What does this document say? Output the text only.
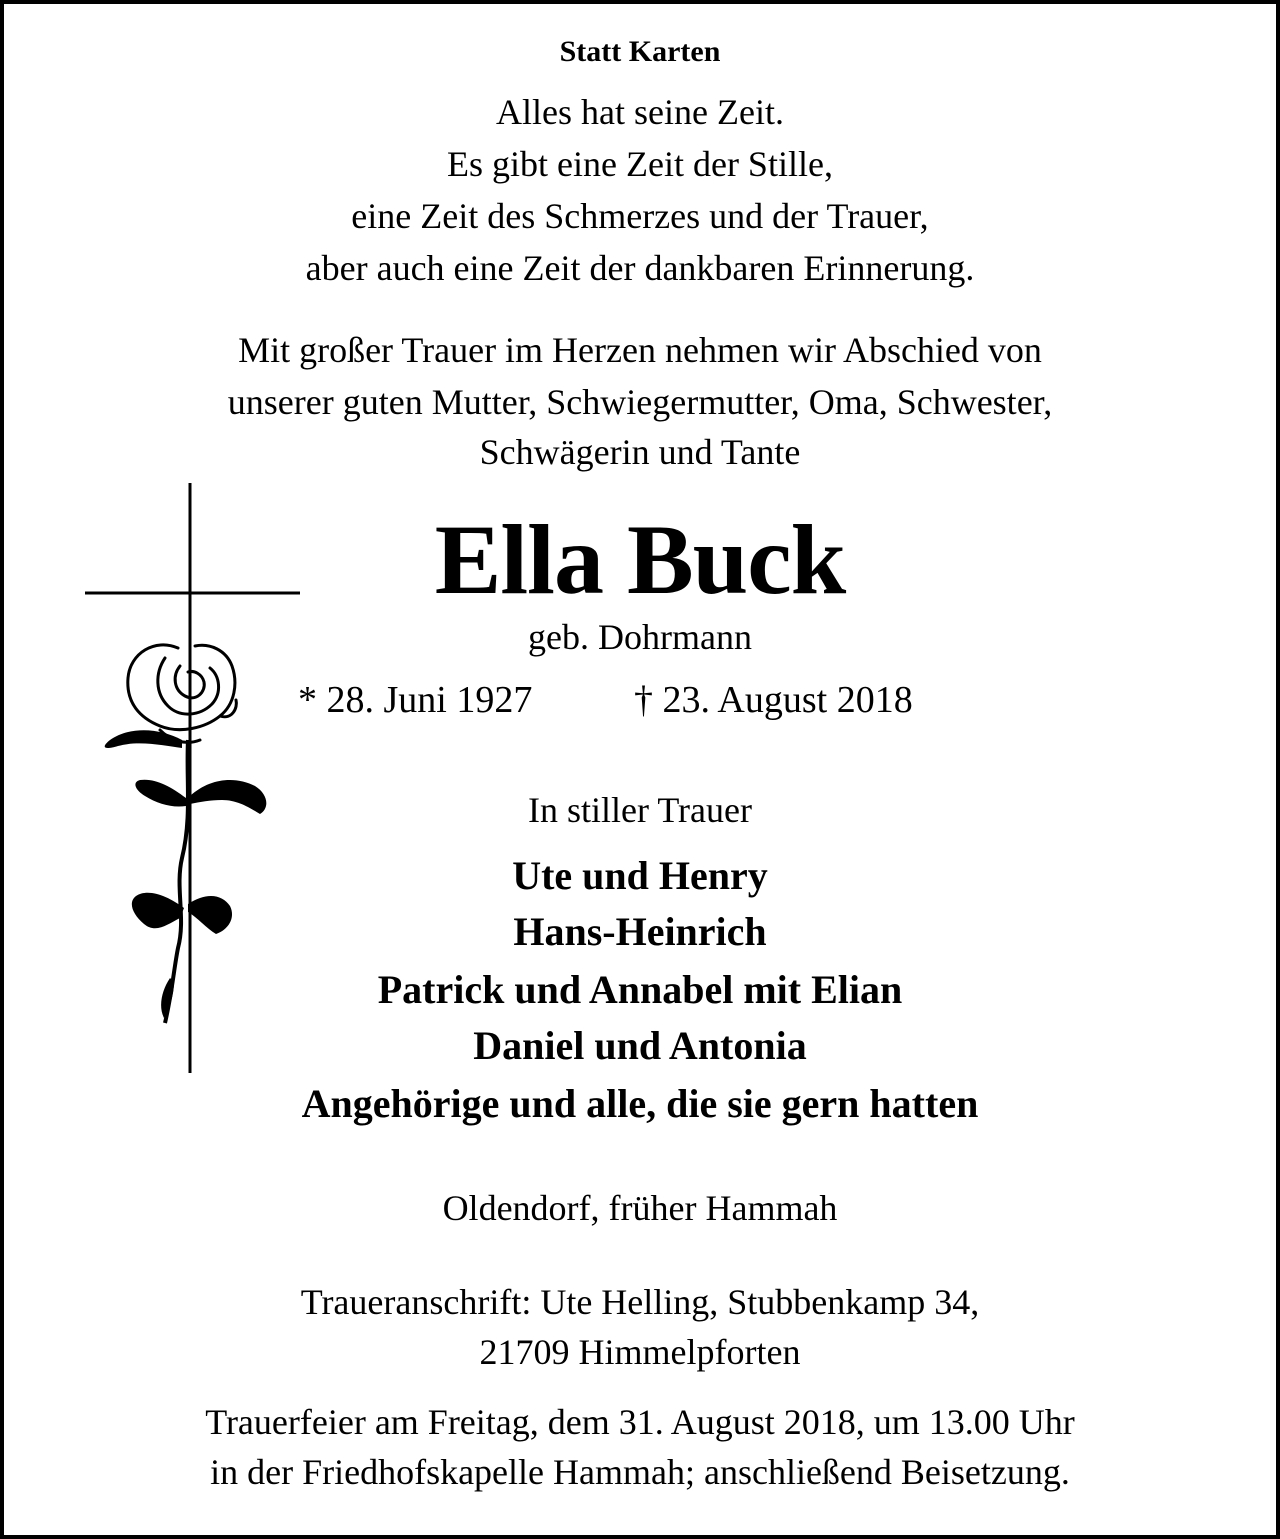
Statt Karten
Alles hat seine Zeit.
Es gibt eine Zeit der Stille,
eine Zeit des Schmerzes und der Trauer,
aber auch eine Zeit der dankbaren Erinnerung.
Mit großer Trauer im Herzen nehmen wir Abschied von
unserer guten Mutter, Schwiegermutter, Oma, Schwester,
Schwägerin und Tante
Ella Buck
geb. Dohrmann
* 28. Juni 1927	† 23. August 2018
In stiller Trauer
Ute und Henry
Hans-Heinrich
Patrick und Annabel mit Elian
Daniel und Antonia
Angehörige und alle, die sie gern hatten
Oldendorf, früher Hammah
Traueranschrift: Ute Helling, Stubbenkamp 34,
21709 Himmelpforten
Trauerfeier am Freitag, dem 31. August 2018, um 13.00 Uhr
in der Friedhofskapelle Hammah; anschließend Beisetzung.
